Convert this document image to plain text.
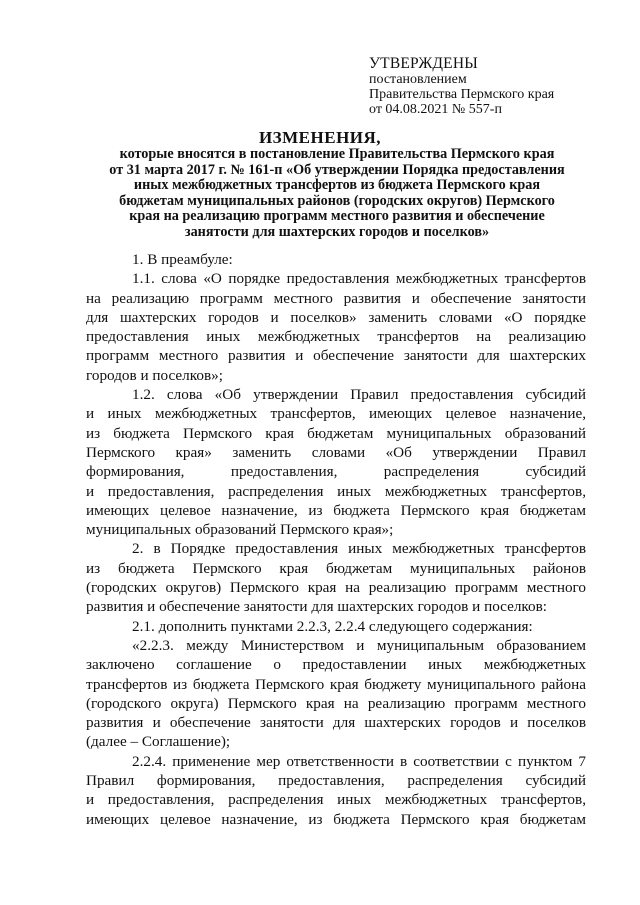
УТВЕРЖДЕНЫ
постановлением
Правительства Пермского края
от 04.08.2021 № 557-п
ИЗМЕНЕНИЯ,
которые вносятся в постановление Правительства Пермского края
от 31 марта 2017 г. № 161-п «Об утверждении Порядка предоставления
иных межбюджетных трансфертов из бюджета Пермского края
бюджетам муниципальных районов (городских округов) Пермского
края на реализацию программ местного развития и обеспечение
занятости для шахтерских городов и поселков»
1. В преамбуле:
1.1. слова «О порядке предоставления межбюджетных трансфертов
на реализацию программ местного развития и обеспечение занятости
для шахтерских городов и поселков» заменить словами «О порядке
предоставления иных межбюджетных трансфертов на реализацию
программ местного развития и обеспечение занятости для шахтерских
городов и поселков»;
1.2. слова «Об утверждении Правил предоставления субсидий
и иных межбюджетных трансфертов, имеющих целевое назначение,
из бюджета Пермского края бюджетам муниципальных образований
Пермского края» заменить словами «Об утверждении Правил
формирования, предоставления, распределения субсидий
и предоставления, распределения иных межбюджетных трансфертов,
имеющих целевое назначение, из бюджета Пермского края бюджетам
муниципальных образований Пермского края»;
2. в Порядке предоставления иных межбюджетных трансфертов
из бюджета Пермского края бюджетам муниципальных районов
(городских округов) Пермского края на реализацию программ местного
развития и обеспечение занятости для шахтерских городов и поселков:
2.1. дополнить пунктами 2.2.3, 2.2.4 следующего содержания:
«2.2.3. между Министерством и муниципальным образованием
заключено соглашение о предоставлении иных межбюджетных
трансфертов из бюджета Пермского края бюджету муниципального района
(городского округа) Пермского края на реализацию программ местного
развития и обеспечение занятости для шахтерских городов и поселков
(далее – Соглашение);
2.2.4. применение мер ответственности в соответствии с пунктом 7
Правил формирования, предоставления, распределения субсидий
и предоставления, распределения иных межбюджетных трансфертов,
имеющих целевое назначение, из бюджета Пермского края бюджетам
